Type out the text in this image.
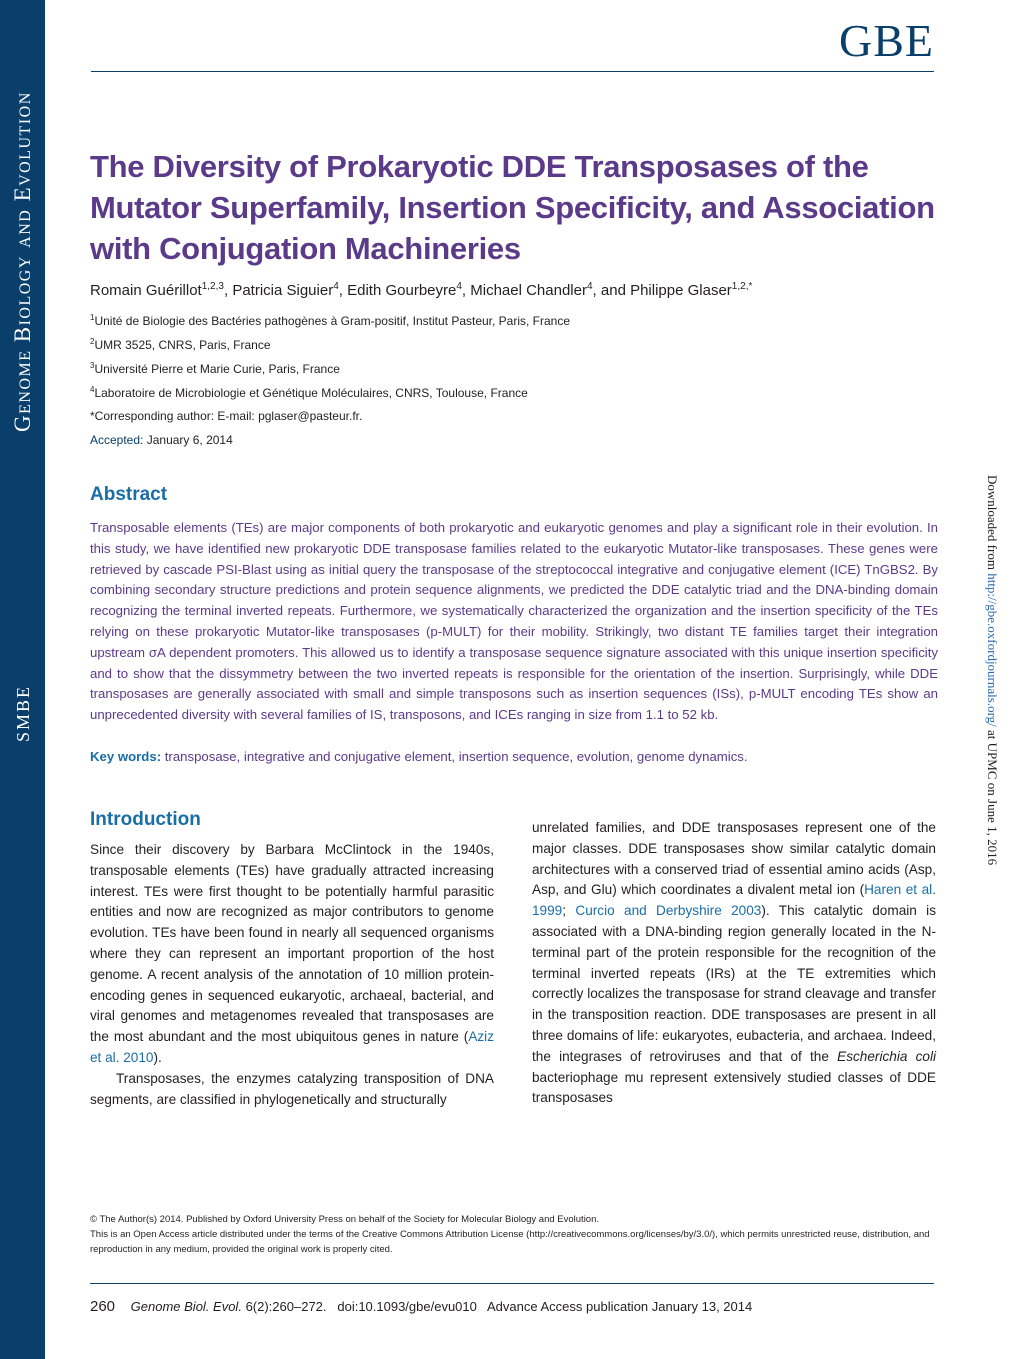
Genome Biology and Evolution
SMBE
GBE
The Diversity of Prokaryotic DDE Transposases of the Mutator Superfamily, Insertion Specificity, and Association with Conjugation Machineries
Romain Guérillot$^{1,2,3}$, Patricia Siguier$^4$, Edith Gourbeyre$^4$, Michael Chandler$^4$, and Philippe Glaser$^{1,2,*}$
$^1$Unité de Biologie des Bactéries pathogènes à Gram-positif, Institut Pasteur, Paris, France
$^2$UMR 3525, CNRS, Paris, France
$^3$Université Pierre et Marie Curie, Paris, France
$^4$Laboratoire de Microbiologie et Génétique Moléculaires, CNRS, Toulouse, France
*Corresponding author: E-mail: pglaser@pasteur.fr.
Accepted: January 6, 2014
Downloaded from http://gbe.oxfordjournals.org/ at UPMC on June 1, 2016
Abstract
Transposable elements (TEs) are major components of both prokaryotic and eukaryotic genomes and play a significant role in their evolution. In this study, we have identified new prokaryotic DDE transposase families related to the eukaryotic Mutator-like transposases. These genes were retrieved by cascade PSI-Blast using as initial query the transposase of the streptococcal integrative and conjugative element (ICE) TnGBS2. By combining secondary structure predictions and protein sequence alignments, we predicted the DDE catalytic triad and the DNA-binding domain recognizing the terminal inverted repeats. Furthermore, we systematically characterized the organization and the insertion specificity of the TEs relying on these prokaryotic Mutator-like transposases (p-MULT) for their mobility. Strikingly, two distant TE families target their integration upstream σA dependent promoters. This allowed us to identify a transposase sequence signature associated with this unique insertion specificity and to show that the dissymmetry between the two inverted repeats is responsible for the orientation of the insertion. Surprisingly, while DDE transposases are generally associated with small and simple transposons such as insertion sequences (ISs), p-MULT encoding TEs show an unprecedented diversity with several families of IS, transposons, and ICEs ranging in size from 1.1 to 52 kb.
Key words: transposase, integrative and conjugative element, insertion sequence, evolution, genome dynamics.
Introduction

Since their discovery by Barbara McClintock in the 1940s, transposable elements (TEs) have gradually attracted increasing interest. TEs were first thought to be potentially harmful parasitic entities and now are recognized as major contributors to genome evolution. TEs have been found in nearly all sequenced organisms where they can represent an important proportion of the host genome. A recent analysis of the annotation of 10 million protein-encoding genes in sequenced eukaryotic, archaeal, bacterial, and viral genomes and metagenomes revealed that transposases are the most abundant and the most ubiquitous genes in nature (Aziz et al. 2010).

Transposases, the enzymes catalyzing transposition of DNA segments, are classified in phylogenetically and structurally

unrelated families, and DDE transposases represent one of the major classes. DDE transposases show similar catalytic domain architectures with a conserved triad of essential amino acids (Asp, Asp, and Glu) which coordinates a divalent metal ion (Haren et al. 1999; Curcio and Derbyshire 2003). This catalytic domain is associated with a DNA-binding region generally located in the N-terminal part of the protein responsible for the recognition of the terminal inverted repeats (IRs) at the TE extremities which correctly localizes the transposase for strand cleavage and transfer in the transposition reaction. DDE transposases are present in all three domains of life: eukaryotes, eubacteria, and archaea. Indeed, the integrases of retroviruses and that of the Escherichia coli bacteriophage mu represent extensively studied classes of DDE transposases

© The Author(s) 2014. Published by Oxford University Press on behalf of the Society for Molecular Biology and Evolution.
This is an Open Access article distributed under the terms of the Creative Commons Attribution License (http://creativecommons.org/licenses/by/3.0/), which permits unrestricted reuse, distribution, and reproduction in any medium, provided the original work is properly cited.
260 Genome Biol. Evol. 6(2):260–272. doi:10.1093/gbe/evu010 Advance Access publication January 13, 2014
